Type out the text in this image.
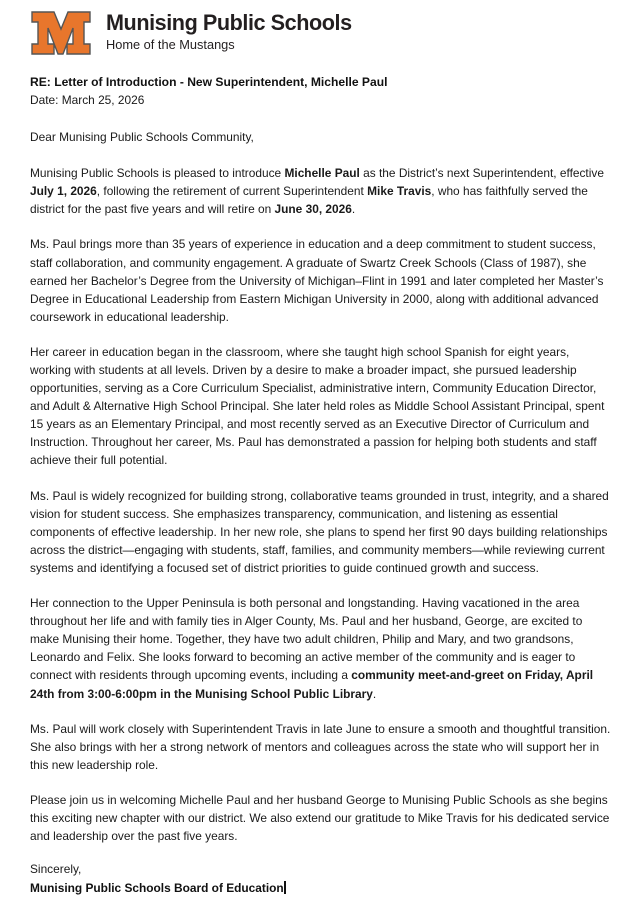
Munising Public Schools
Home of the Mustangs
RE: Letter of Introduction - New Superintendent, Michelle Paul
Date: March 25, 2026

Dear Munising Public Schools Community,

Munising Public Schools is pleased to introduce Michelle Paul as the District’s next Superintendent, effective July 1, 2026, following the retirement of current Superintendent Mike Travis, who has faithfully served the district for the past five years and will retire on June 30, 2026.

Ms. Paul brings more than 35 years of experience in education and a deep commitment to student success, staff collaboration, and community engagement. A graduate of Swartz Creek Schools (Class of 1987), she earned her Bachelor’s Degree from the University of Michigan–Flint in 1991 and later completed her Master’s Degree in Educational Leadership from Eastern Michigan University in 2000, along with additional advanced coursework in educational leadership.

Her career in education began in the classroom, where she taught high school Spanish for eight years, working with students at all levels. Driven by a desire to make a broader impact, she pursued leadership opportunities, serving as a Core Curriculum Specialist, administrative intern, Community Education Director, and Adult & Alternative High School Principal. She later held roles as Middle School Assistant Principal, spent 15 years as an Elementary Principal, and most recently served as an Executive Director of Curriculum and Instruction. Throughout her career, Ms. Paul has demonstrated a passion for helping both students and staff achieve their full potential.

Ms. Paul is widely recognized for building strong, collaborative teams grounded in trust, integrity, and a shared vision for student success. She emphasizes transparency, communication, and listening as essential components of effective leadership. In her new role, she plans to spend her first 90 days building relationships across the district—engaging with students, staff, families, and community members—while reviewing current systems and identifying a focused set of district priorities to guide continued growth and success.

Her connection to the Upper Peninsula is both personal and longstanding. Having vacationed in the area throughout her life and with family ties in Alger County, Ms. Paul and her husband, George, are excited to make Munising their home. Together, they have two adult children, Philip and Mary, and two grandsons, Leonardo and Felix. She looks forward to becoming an active member of the community and is eager to connect with residents through upcoming events, including a community meet-and-greet on Friday, April 24th from 3:00-6:00pm in the Munising School Public Library.

Ms. Paul will work closely with Superintendent Travis in late June to ensure a smooth and thoughtful transition. She also brings with her a strong network of mentors and colleagues across the state who will support her in this new leadership role.

Please join us in welcoming Michelle Paul and her husband George to Munising Public Schools as she begins this exciting new chapter with our district. We also extend our gratitude to Mike Travis for his dedicated service and leadership over the past five years.

Sincerely,
Munising Public Schools Board of Education
